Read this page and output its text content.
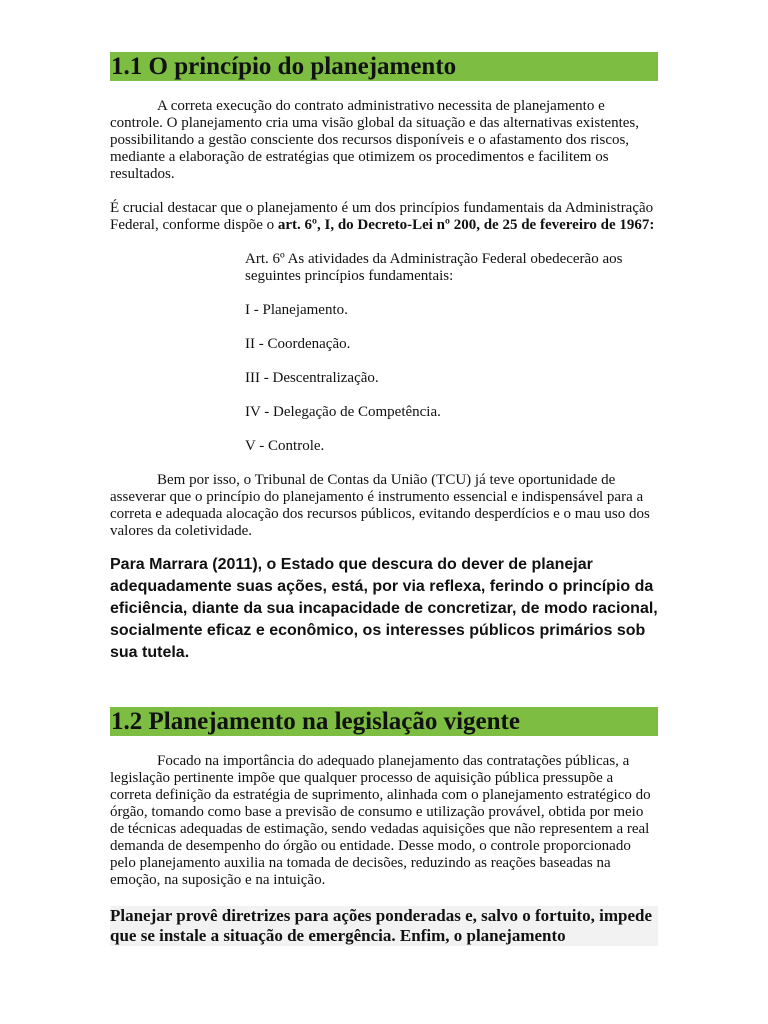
1.1 O princípio do planejamento

A correta execução do contrato administrativo necessita de planejamento e controle. O planejamento cria uma visão global da situação e das alternativas existentes, possibilitando a gestão consciente dos recursos disponíveis e o afastamento dos riscos, mediante a elaboração de estratégias que otimizem os procedimentos e facilitem os resultados.

É crucial destacar que o planejamento é um dos princípios fundamentais da Administração Federal, conforme dispõe o art. 6º, I, do Decreto-Lei nº 200, de 25 de fevereiro de 1967:

Art. 6º As atividades da Administração Federal obedecerão aos seguintes princípios fundamentais:

I - Planejamento.

II - Coordenação.

III - Descentralização.

IV - Delegação de Competência.

V - Controle.

Bem por isso, o Tribunal de Contas da União (TCU) já teve oportunidade de asseverar que o princípio do planejamento é instrumento essencial e indispensável para a correta e adequada alocação dos recursos públicos, evitando desperdícios e o mau uso dos valores da coletividade.

Para Marrara (2011), o Estado que descura do dever de planejar adequadamente suas ações, está, por via reflexa, ferindo o princípio da eficiência, diante da sua incapacidade de concretizar, de modo racional, socialmente eficaz e econômico, os interesses públicos primários sob sua tutela.

1.2 Planejamento na legislação vigente

Focado na importância do adequado planejamento das contratações públicas, a legislação pertinente impõe que qualquer processo de aquisição pública pressupõe a correta definição da estratégia de suprimento, alinhada com o planejamento estratégico do órgão, tomando como base a previsão de consumo e utilização provável, obtida por meio de técnicas adequadas de estimação, sendo vedadas aquisições que não representem a real demanda de desempenho do órgão ou entidade. Desse modo, o controle proporcionado pelo planejamento auxilia na tomada de decisões, reduzindo as reações baseadas na emoção, na suposição e na intuição.

Planejar provê diretrizes para ações ponderadas e, salvo o fortuito, impede que se instale a situação de emergência. Enfim, o planejamento
